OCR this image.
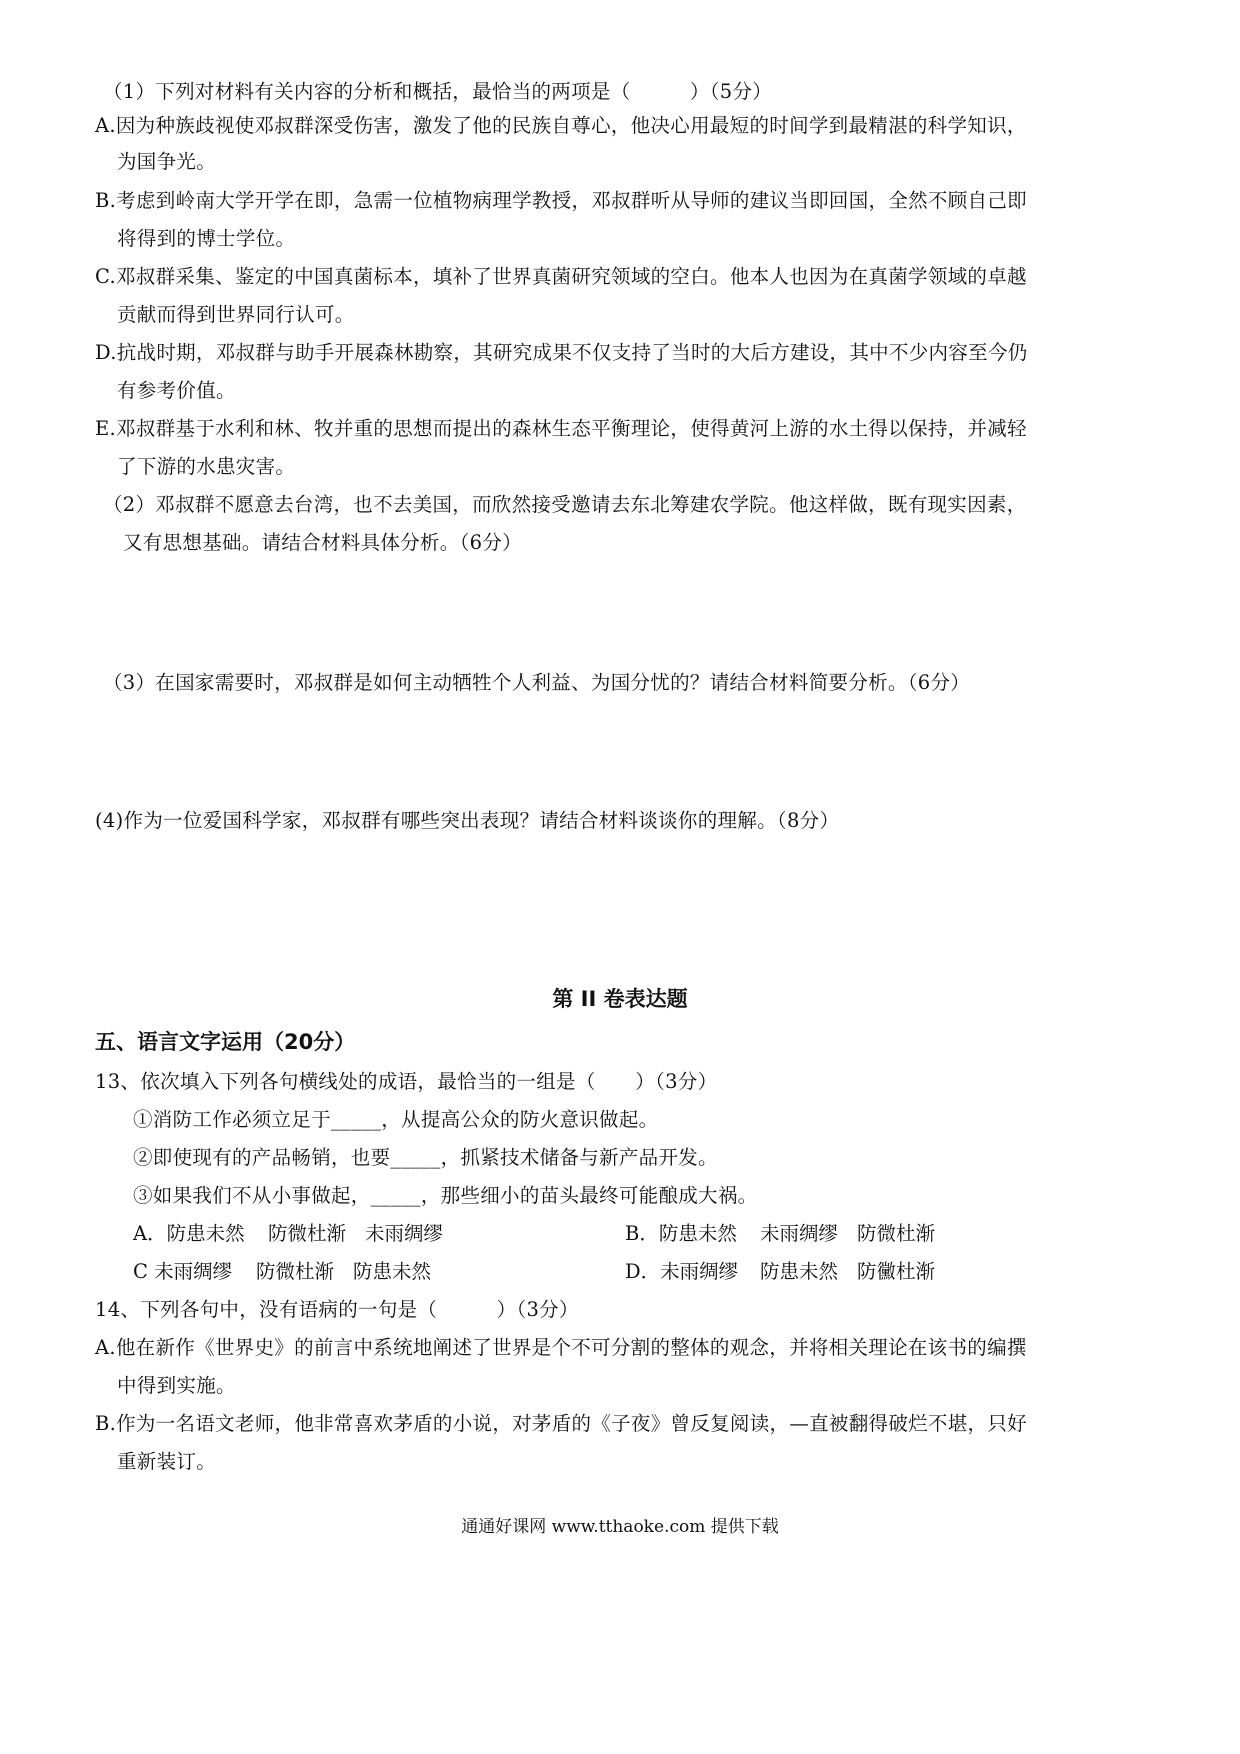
（1）下列对材料有关内容的分析和概括，最恰当的两项是（　　　）（5分）
A.因为种族歧视使邓叔群深受伤害，激发了他的民族自尊心，他决心用最短的时间学到最精湛的科学知识，
为国争光。
B.考虑到岭南大学开学在即，急需一位植物病理学教授，邓叔群听从导师的建议当即回国，全然不顾自己即
将得到的博士学位。
C.邓叔群采集、鉴定的中国真菌标本，填补了世界真菌研究领域的空白。他本人也因为在真菌学领域的卓越
贡献而得到世界同行认可。
D.抗战时期，邓叔群与助手开展森林勘察，其研究成果不仅支持了当时的大后方建设，其中不少内容至今仍
有参考价值。
E.邓叔群基于水利和林、牧并重的思想而提出的森林生态平衡理论，使得黄河上游的水土得以保持，并减轻
了下游的水患灾害。
（2）邓叔群不愿意去台湾，也不去美国，而欣然接受邀请去东北筹建农学院。他这样做，既有现实因素，
又有思想基础。请结合材料具体分析。（6分）
（3）在国家需要时，邓叔群是如何主动牺牲个人利益、为国分忧的？请结合材料简要分析。（6分）
(4)作为一位爱国科学家，邓叔群有哪些突出表现？请结合材料谈谈你的理解。（8分）
第 II 卷表达题
五、语言文字运用（20分）
13、依次填入下列各句横线处的成语，最恰当的一组是（　　）（3分）
①消防工作必须立足于_____，从提高公众的防火意识做起。
②即使现有的产品畅销，也要_____，抓紧技术储备与新产品开发。
③如果我们不从小事做起，_____，那些细小的苗头最终可能酿成大祸。
A．防患未然 防微杜渐 未雨绸缪	B．防患未然 未雨绸缪 防微杜渐
C 未雨绸缪 防微杜渐 防患未然	D．未雨绸缪 防患未然 防黴杜渐
14、下列各句中，没有语病的一句是（　　　）（3分）
A.他在新作《世界史》的前言中系统地阐述了世界是个不可分割的整体的观念，并将相关理论在该书的编撰
中得到实施。
B.作为一名语文老师，他非常喜欢茅盾的小说，对茅盾的《子夜》曾反复阅读，—直被翻得破烂不堪，只好
重新装订。
通通好课网 www.tthaoke.com 提供下载
